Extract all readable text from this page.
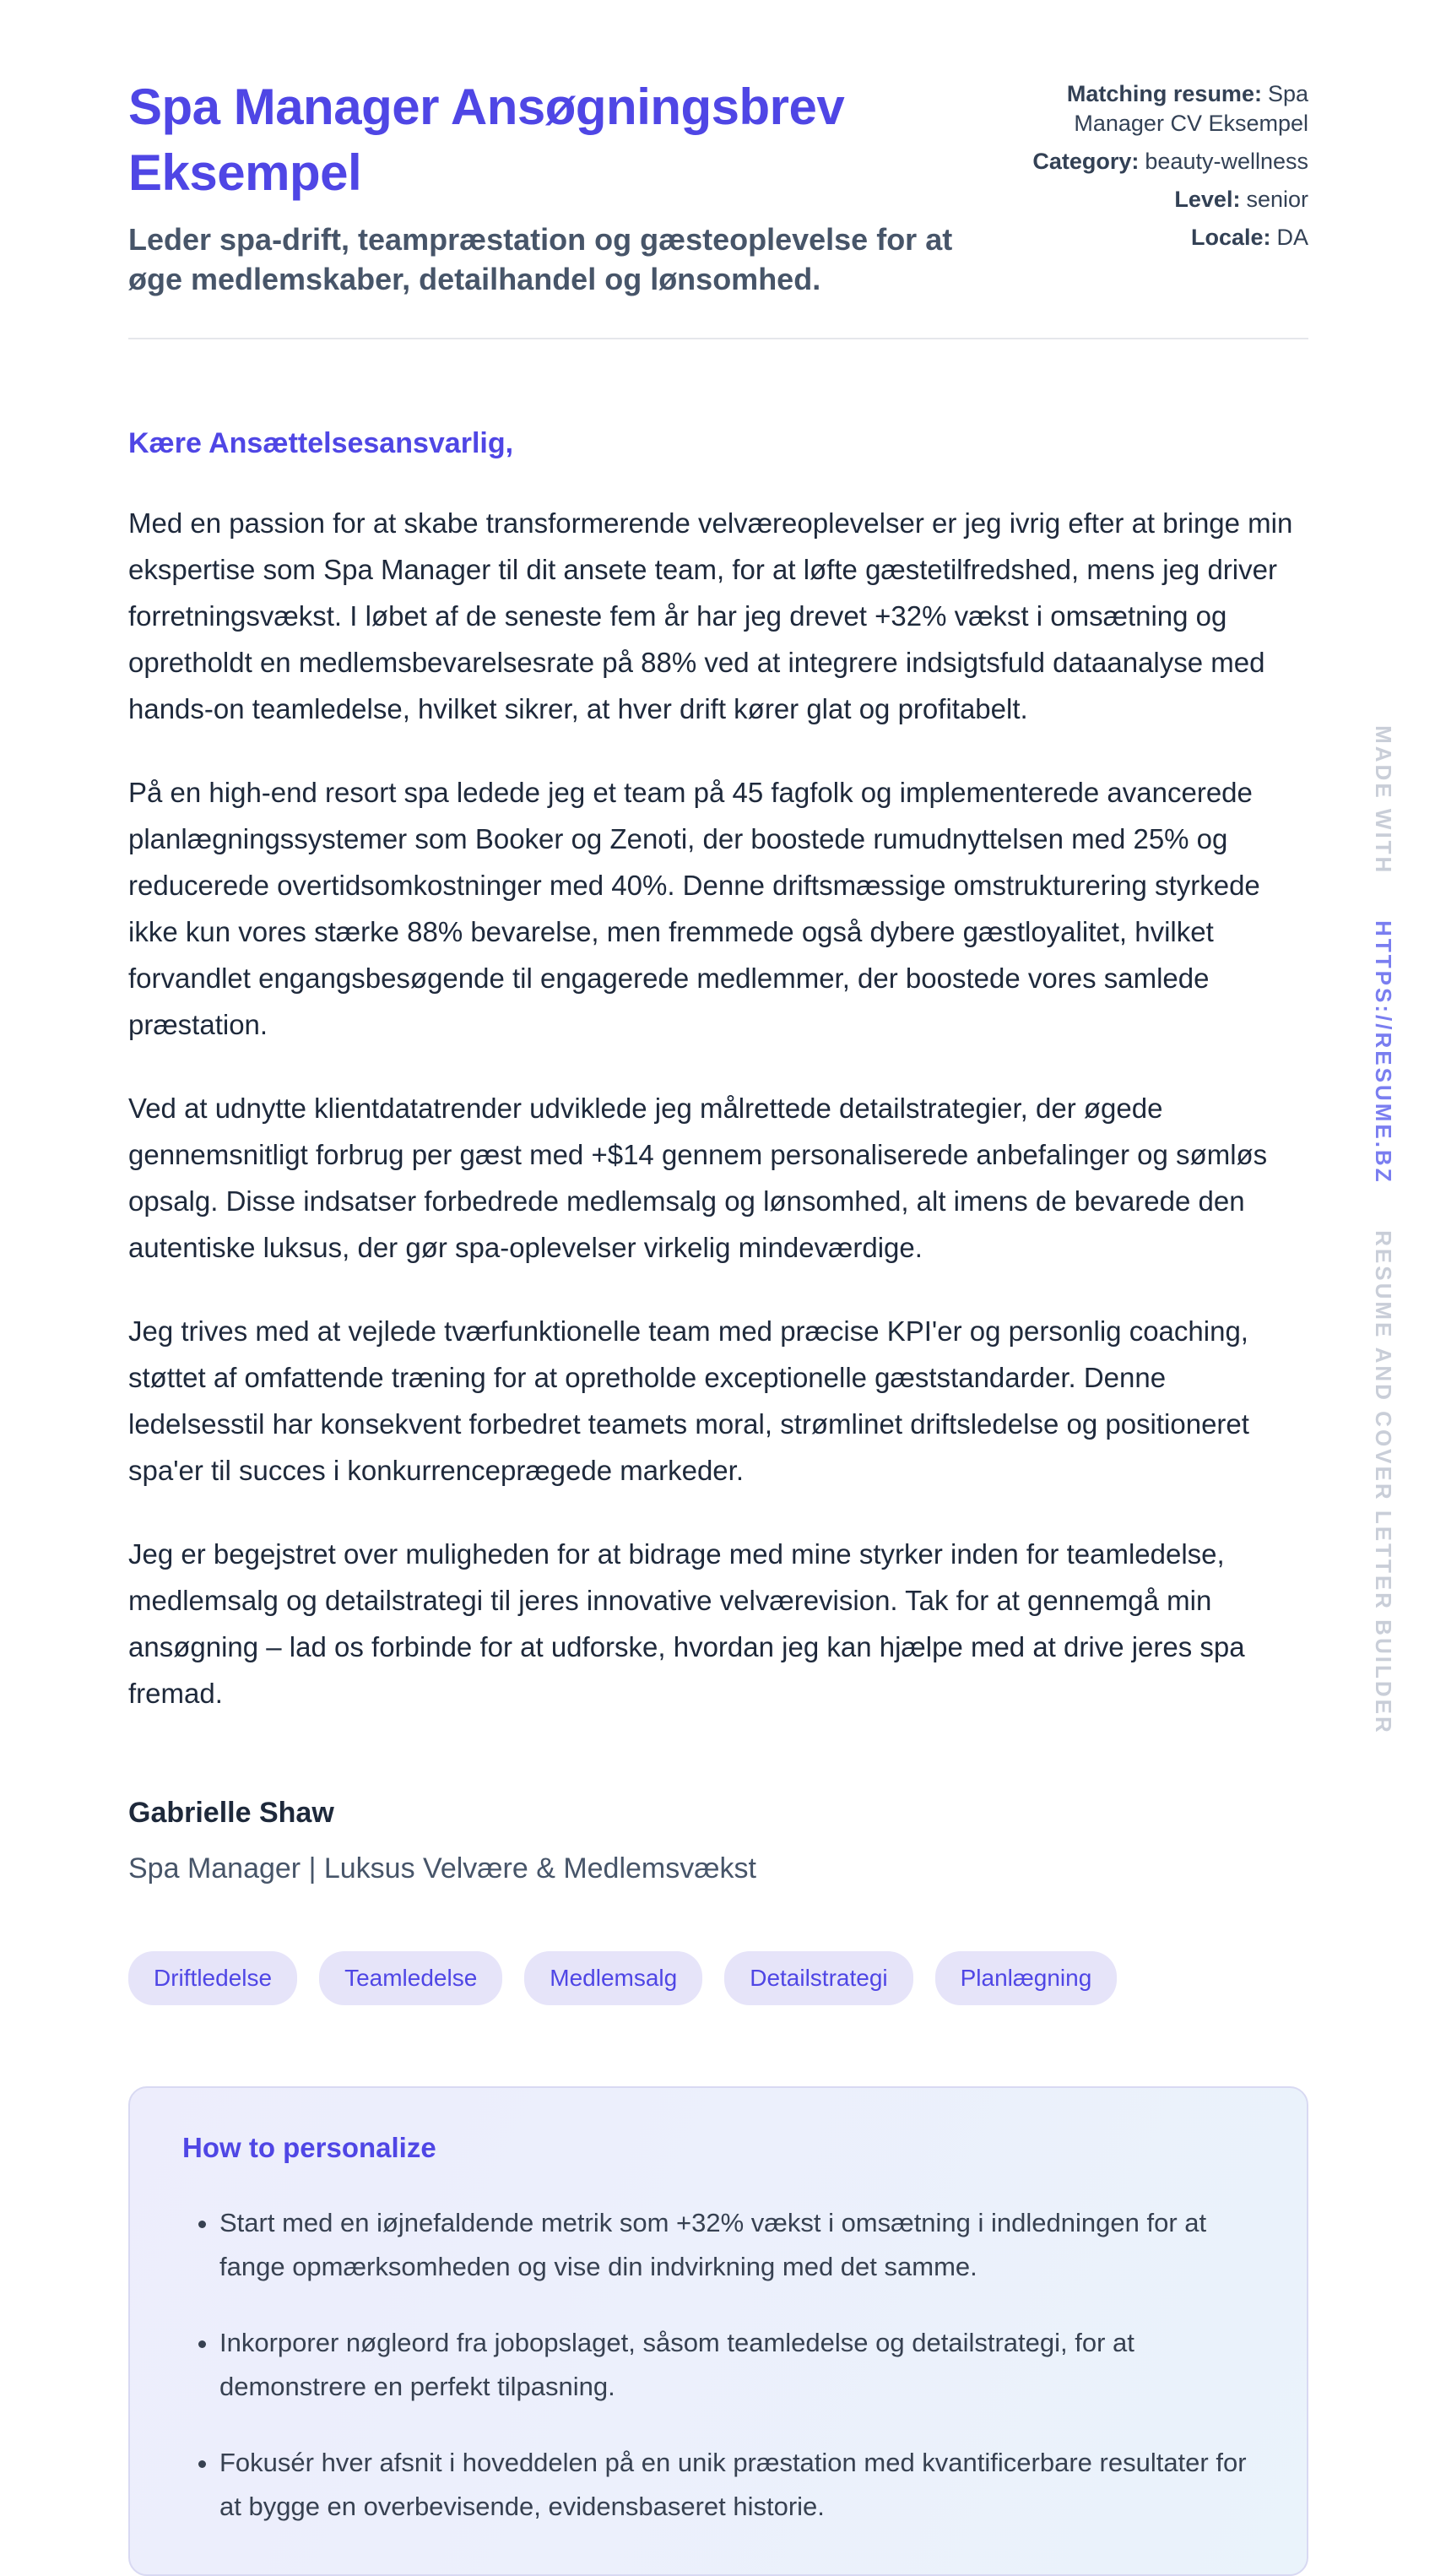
Spa Manager Ansøgningsbrev Eksempel

Leder spa-drift, teampræstation og gæsteoplevelse for at øge medlemskaber, detailhandel og lønsomhed.

Matching resume: Spa Manager CV Eksempel

Category: beauty-wellness

Level: senior

Locale: DA

Kære Ansættelsesansvarlig,

Med en passion for at skabe transformerende velværeoplevelser er jeg ivrig efter at bringe min ekspertise som Spa Manager til dit ansete team, for at løfte gæstetilfredshed, mens jeg driver forretningsvækst. I løbet af de seneste fem år har jeg drevet +32% vækst i omsætning og opretholdt en medlemsbevarelsesrate på 88% ved at integrere indsigtsfuld dataanalyse med hands-on teamledelse, hvilket sikrer, at hver drift kører glat og profitabelt.

På en high-end resort spa ledede jeg et team på 45 fagfolk og implementerede avancerede planlægningssystemer som Booker og Zenoti, der boostede rumudnyttelsen med 25% og reducerede overtidsomkostninger med 40%. Denne driftsmæssige omstrukturering styrkede ikke kun vores stærke 88% bevarelse, men fremmede også dybere gæstloyalitet, hvilket forvandlet engangsbesøgende til engagerede medlemmer, der boostede vores samlede præstation.

Ved at udnytte klientdatatrender udviklede jeg målrettede detailstrategier, der øgede gennemsnitligt forbrug per gæst med +$14 gennem personaliserede anbefalinger og sømløs opsalg. Disse indsatser forbedrede medlemsalg og lønsomhed, alt imens de bevarede den autentiske luksus, der gør spa-oplevelser virkelig mindeværdige.

Jeg trives med at vejlede tværfunktionelle team med præcise KPI'er og personlig coaching, støttet af omfattende træning for at opretholde exceptionelle gæststandarder. Denne ledelsesstil har konsekvent forbedret teamets moral, strømlinet driftsledelse og positioneret spa'er til succes i konkurrenceprægede markeder.

Jeg er begejstret over muligheden for at bidrage med mine styrker inden for teamledelse, medlemsalg og detailstrategi til jeres innovative velværevision. Tak for at gennemgå min ansøgning – lad os forbinde for at udforske, hvordan jeg kan hjælpe med at drive jeres spa fremad.

Gabrielle Shaw

Spa Manager | Luksus Velvære & Medlemsvækst

Driftledelse	Teamledelse	Medlemsalg	Detailstrategi	Planlægning
How to personalize
• Start med en iøjnefaldende metrik som +32% vækst i omsætning i indledningen for at fange opmærksomheden og vise din indvirkning med det samme.
• Inkorporer nøgleord fra jobopslaget, såsom teamledelse og detailstrategi, for at demonstrere en perfekt tilpasning.
• Fokusér hver afsnit i hoveddelen på en unik præstation med kvantificerbare resultater for at bygge en overbevisende, evidensbaseret historie.
MADE WITH HTTPS://RESUME.BZ RESUME AND COVER LETTER BUILDER
